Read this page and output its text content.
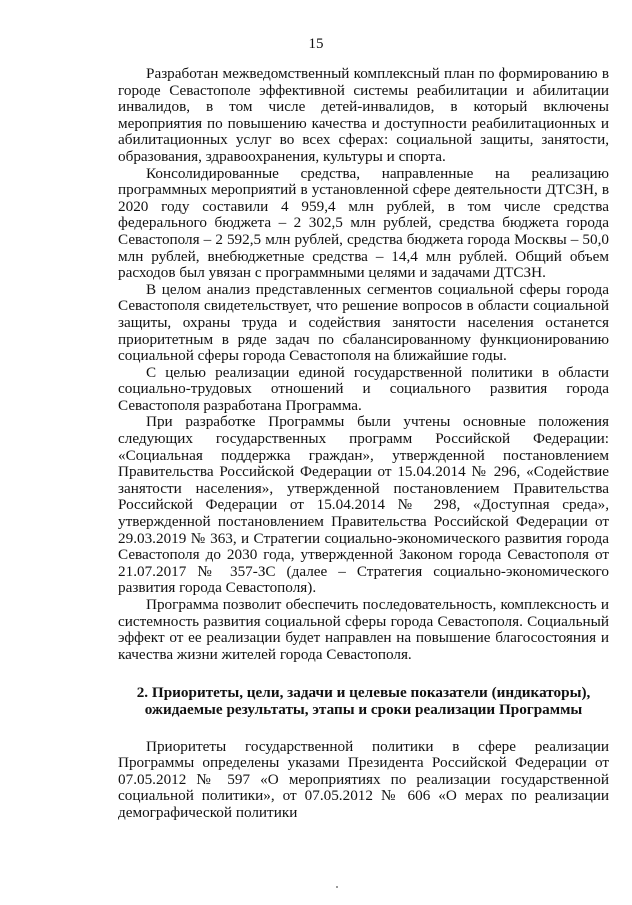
15

Разработан межведомственный комплексный план по формированию в городе Севастополе эффективной системы реабилитации и абилитации инвалидов, в том числе детей-инвалидов, в который включены мероприятия по повышению качества и доступности реабилитационных и абилитационных услуг во всех сферах: социальной защиты, занятости, образования, здравоохранения, культуры и спорта.

Консолидированные средства, направленные на реализацию программных мероприятий в установленной сфере деятельности ДТСЗН, в 2020 году составили 4 959,4 млн рублей, в том числе средства федерального бюджета – 2 302,5 млн рублей, средства бюджета города Севастополя – 2 592,5 млн рублей, средства бюджета города Москвы – 50,0 млн рублей, внебюджетные средства – 14,4 млн рублей. Общий объем расходов был увязан с программными целями и задачами ДТСЗН.

В целом анализ представленных сегментов социальной сферы города Севастополя свидетельствует, что решение вопросов в области социальной защиты, охраны труда и содействия занятости населения останется приоритетным в ряде задач по сбалансированному функционированию социальной сферы города Севастополя на ближайшие годы.

С целью реализации единой государственной политики в области социально-трудовых отношений и социального развития города Севастополя разработана Программа.

При разработке Программы были учтены основные положения следующих государственных программ Российской Федерации: «Социальная поддержка граждан», утвержденной постановлением Правительства Российской Федерации от 15.04.2014 № 296, «Содействие занятости населения», утвержденной постановлением Правительства Российской Федерации от 15.04.2014 № 298, «Доступная среда», утвержденной постановлением Правительства Российской Федерации от 29.03.2019 № 363, и Стратегии социально-экономического развития города Севастополя до 2030 года, утвержденной Законом города Севастополя от 21.07.2017 № 357-ЗС (далее – Стратегия социально-экономического развития города Севастополя).

Программа позволит обеспечить последовательность, комплексность и системность развития социальной сферы города Севастополя. Социальный эффект от ее реализации будет направлен на повышение благосостояния и качества жизни жителей города Севастополя.

2. Приоритеты, цели, задачи и целевые показатели (индикаторы),
ожидаемые результаты, этапы и сроки реализации Программы

Приоритеты государственной политики в сфере реализации Программы определены указами Президента Российской Федерации от 07.05.2012 № 597 «О мероприятиях по реализации государственной социальной политики», от 07.05.2012 № 606 «О мерах по реализации демографической политики
